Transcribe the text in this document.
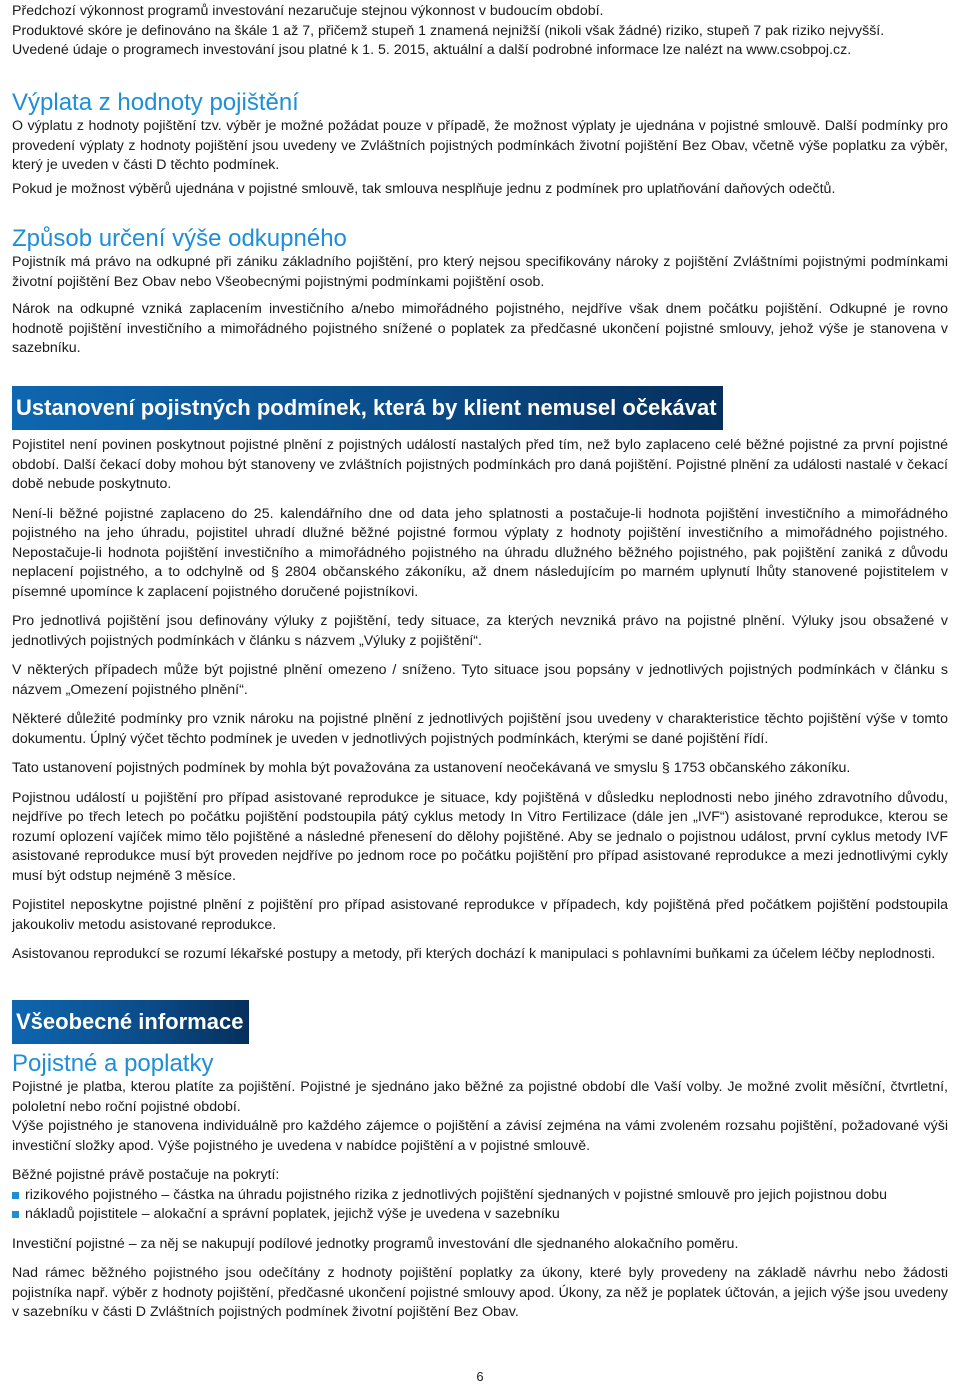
Předchozí výkonnost programů investování nezaručuje stejnou výkonnost v budoucím období.

Produktové skóre je definováno na škále 1 až 7, přičemž stupeň 1 znamená nejnižší (nikoli však žádné) riziko, stupeň 7 pak riziko nejvyšší.

Uvedené údaje o programech investování jsou platné k 1. 5. 2015, aktuální a další podrobné informace lze nalézt na www.csobpoj.cz.

Výplata z hodnoty pojištění

O výplatu z hodnoty pojištění tzv. výběr je možné požádat pouze v případě, že možnost výplaty je ujednána v pojistné smlouvě. Další podmínky pro provedení výplaty z hodnoty pojištění jsou uvedeny ve Zvláštních pojistných podmínkách životní pojištění Bez Obav, včetně výše poplatku za výběr, který je uveden v části D těchto podmínek.

Pokud je možnost výběrů ujednána v pojistné smlouvě, tak smlouva nesplňuje jednu z podmínek pro uplatňování daňových odečtů.

Způsob určení výše odkupného

Pojistník má právo na odkupné při zániku základního pojištění, pro který nejsou specifikovány nároky z pojištění Zvláštními pojistnými podmínkami životní pojištění Bez Obav nebo Všeobecnými pojistnými podmínkami pojištění osob.

Nárok na odkupné vzniká zaplacením investičního a/nebo mimořádného pojistného, nejdříve však dnem počátku pojištění. Odkupné je rovno hodnotě pojištění investičního a mimořádného pojistného snížené o poplatek za předčasné ukončení pojistné smlouvy, jehož výše je stanovena v sazebníku.

Ustanovení pojistných podmínek, která by klient nemusel očekávat

Pojistitel není povinen poskytnout pojistné plnění z pojistných událostí nastalých před tím, než bylo zaplaceno celé běžné pojistné za první pojistné období. Další čekací doby mohou být stanoveny ve zvláštních pojistných podmínkách pro daná pojištění. Pojistné plnění za události nastalé v čekací době nebude poskytnuto.

Není-li běžné pojistné zaplaceno do 25. kalendářního dne od data jeho splatnosti a postačuje-li hodnota pojištění investičního a mimořádného pojistného na jeho úhradu, pojistitel uhradí dlužné běžné pojistné formou výplaty z hodnoty pojištění investičního a mimořádného pojistného. Nepostačuje-li hodnota pojištění investičního a mimořádného pojistného na úhradu dlužného běžného pojistného, pak pojištění zaniká z důvodu neplacení pojistného, a to odchylně od § 2804 občanského zákoníku, až dnem následujícím po marném uplynutí lhůty stanovené pojistitelem v písemné upomínce k zaplacení pojistného doručené pojistníkovi.

Pro jednotlivá pojištění jsou definovány výluky z pojištění, tedy situace, za kterých nevzniká právo na pojistné plnění. Výluky jsou obsažené v jednotlivých pojistných podmínkách v článku s názvem „Výluky z pojištění“.

V některých případech může být pojistné plnění omezeno / sníženo. Tyto situace jsou popsány v jednotlivých pojistných podmínkách v článku s názvem „Omezení pojistného plnění“.

Některé důležité podmínky pro vznik nároku na pojistné plnění z jednotlivých pojištění jsou uvedeny v charakteristice těchto pojištění výše v tomto dokumentu. Úplný výčet těchto podmínek je uveden v jednotlivých pojistných podmínkách, kterými se dané pojištění řídí.

Tato ustanovení pojistných podmínek by mohla být považována za ustanovení neočekávaná ve smyslu § 1753 občanského zákoníku.

Pojistnou událostí u pojištění pro případ asistované reprodukce je situace, kdy pojištěná v důsledku neplodnosti nebo jiného zdravotního důvodu, nejdříve po třech letech po počátku pojištění podstoupila pátý cyklus metody In Vitro Fertilizace (dále jen „IVF“) asistované reprodukce, kterou se rozumí oplození vajíček mimo tělo pojištěné a následné přenesení do dělohy pojištěné. Aby se jednalo o pojistnou událost, první cyklus metody IVF asistované reprodukce musí být proveden nejdříve po jednom roce po počátku pojištění pro případ asistované reprodukce a mezi jednotlivými cykly musí být odstup nejméně 3 měsíce.

Pojistitel neposkytne pojistné plnění z pojištění pro případ asistované reprodukce v případech, kdy pojištěná před počátkem pojištění podstoupila jakoukoliv metodu asistované reprodukce.

Asistovanou reprodukcí se rozumí lékařské postupy a metody, při kterých dochází k manipulaci s pohlavními buňkami za účelem léčby neplodnosti.

Všeobecné informace
Pojistné a poplatky

Pojistné je platba, kterou platíte za pojištění. Pojistné je sjednáno jako běžné za pojistné období dle Vaší volby. Je možné zvolit měsíční, čtvrtletní, pololetní nebo roční pojistné období.

Výše pojistného je stanovena individuálně pro každého zájemce o pojištění a závisí zejména na vámi zvoleném rozsahu pojištění, požadované výši investiční složky apod. Výše pojistného je uvedena v nabídce pojištění a v pojistné smlouvě.

Běžné pojistné právě postačuje na pokrytí:

rizikového pojistného – částka na úhradu pojistného rizika z jednotlivých pojištění sjednaných v pojistné smlouvě pro jejich pojistnou dobu

nákladů pojistitele – alokační a správní poplatek, jejichž výše je uvedena v sazebníku

Investiční pojistné – za něj se nakupují podílové jednotky programů investování dle sjednaného alokačního poměru.

Nad rámec běžného pojistného jsou odečítány z hodnoty pojištění poplatky za úkony, které byly provedeny na základě návrhu nebo žádosti pojistníka např. výběr z hodnoty pojištění, předčasné ukončení pojistné smlouvy apod. Úkony, za něž je poplatek účtován, a jejich výše jsou uvedeny v sazebníku v části D Zvláštních pojistných podmínek životní pojištění Bez Obav.

6
